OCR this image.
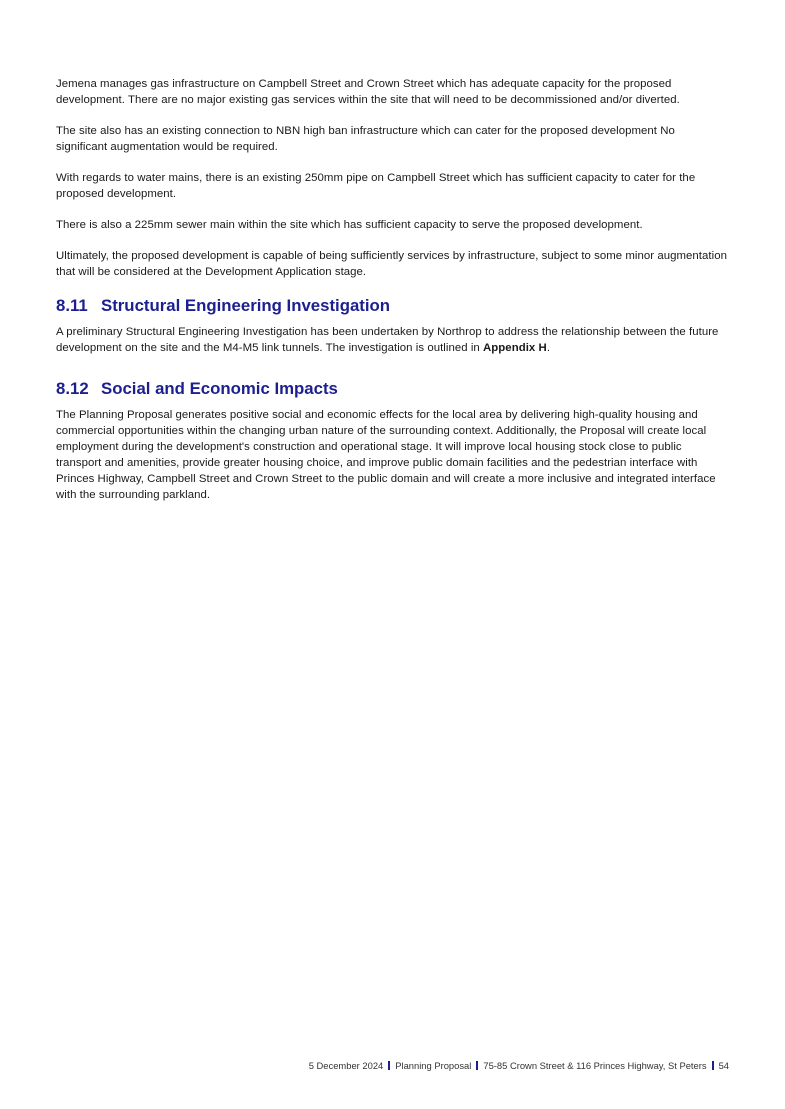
Jemena manages gas infrastructure on Campbell Street and Crown Street which has adequate capacity for the proposed development. There are no major existing gas services within the site that will need to be decommissioned and/or diverted.

The site also has an existing connection to NBN high ban infrastructure which can cater for the proposed development No significant augmentation would be required.

With regards to water mains, there is an existing 250mm pipe on Campbell Street which has sufficient capacity to cater for the proposed development.

There is also a 225mm sewer main within the site which has sufficient capacity to serve the proposed development.

Ultimately, the proposed development is capable of being sufficiently services by infrastructure, subject to some minor augmentation that will be considered at the Development Application stage.

8.11 Structural Engineering Investigation

A preliminary Structural Engineering Investigation has been undertaken by Northrop to address the relationship between the future development on the site and the M4-M5 link tunnels. The investigation is outlined in Appendix H.

8.12 Social and Economic Impacts

The Planning Proposal generates positive social and economic effects for the local area by delivering high-quality housing and commercial opportunities within the changing urban nature of the surrounding context. Additionally, the Proposal will create local employment during the development's construction and operational stage. It will improve local housing stock close to public transport and amenities, provide greater housing choice, and improve public domain facilities and the pedestrian interface with Princes Highway, Campbell Street and Crown Street to the public domain and will create a more inclusive and integrated interface with the surrounding parkland.

5 December 2024 Planning Proposal 75-85 Crown Street & 116 Princes Highway, St Peters 54
